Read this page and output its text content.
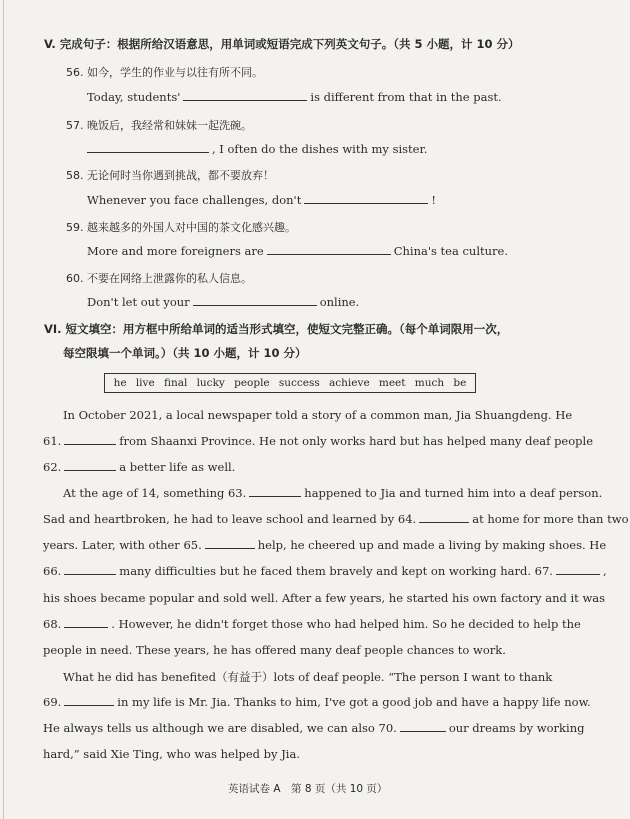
V. 完成句子：根据所给汉语意思，用单词或短语完成下列英文句子。（共 5 小题，计 10 分）
56. 如今，学生的作业与以往有所不同。
Today, students'	is different from that in the past.
57. 晚饭后，我经常和妹妹一起洗碗。
, I often do the dishes with my sister.
58. 无论何时当你遇到挑战，都不要放弃！
Whenever you face challenges, don't	!
59. 越来越多的外国人对中国的茶文化感兴趣。
More and more foreigners are	China's tea culture.
60. 不要在网络上泄露你的私人信息。
Don't let out your	online.
VI. 短文填空：用方框中所给单词的适当形式填空，使短文完整正确。（每个单词限用一次，
每空限填一个单词。）（共 10 小题，计 10 分）
he live final lucky people success achieve meet much be
In October 2021, a local newspaper told a story of a common man, Jia Shuangdeng. He
61.	from Shaanxi Province. He not only works hard but has helped many deaf people
62.	a better life as well.
At the age of 14, something 63.	happened to Jia and turned him into a deaf person.
Sad and heartbroken, he had to leave school and learned by 64.	at home for more than two
years. Later, with other 65.	help, he cheered up and made a living by making shoes. He
66.	many difficulties but he faced them bravely and kept on working hard. 67.	,
his shoes became popular and sold well. After a few years, he started his own factory and it was
68.	. However, he didn't forget those who had helped him. So he decided to help the
people in need. These years, he has offered many deaf people chances to work.
What he did has benefited（有益于）lots of deaf people. “The person I want to thank
69.	in my life is Mr. Jia. Thanks to him, I've got a good job and have a happy life now.
He always tells us although we are disabled, we can also 70.	our dreams by working
hard,” said Xie Ting, who was helped by Jia.
英语试卷 A　第 8 页（共 10 页）
